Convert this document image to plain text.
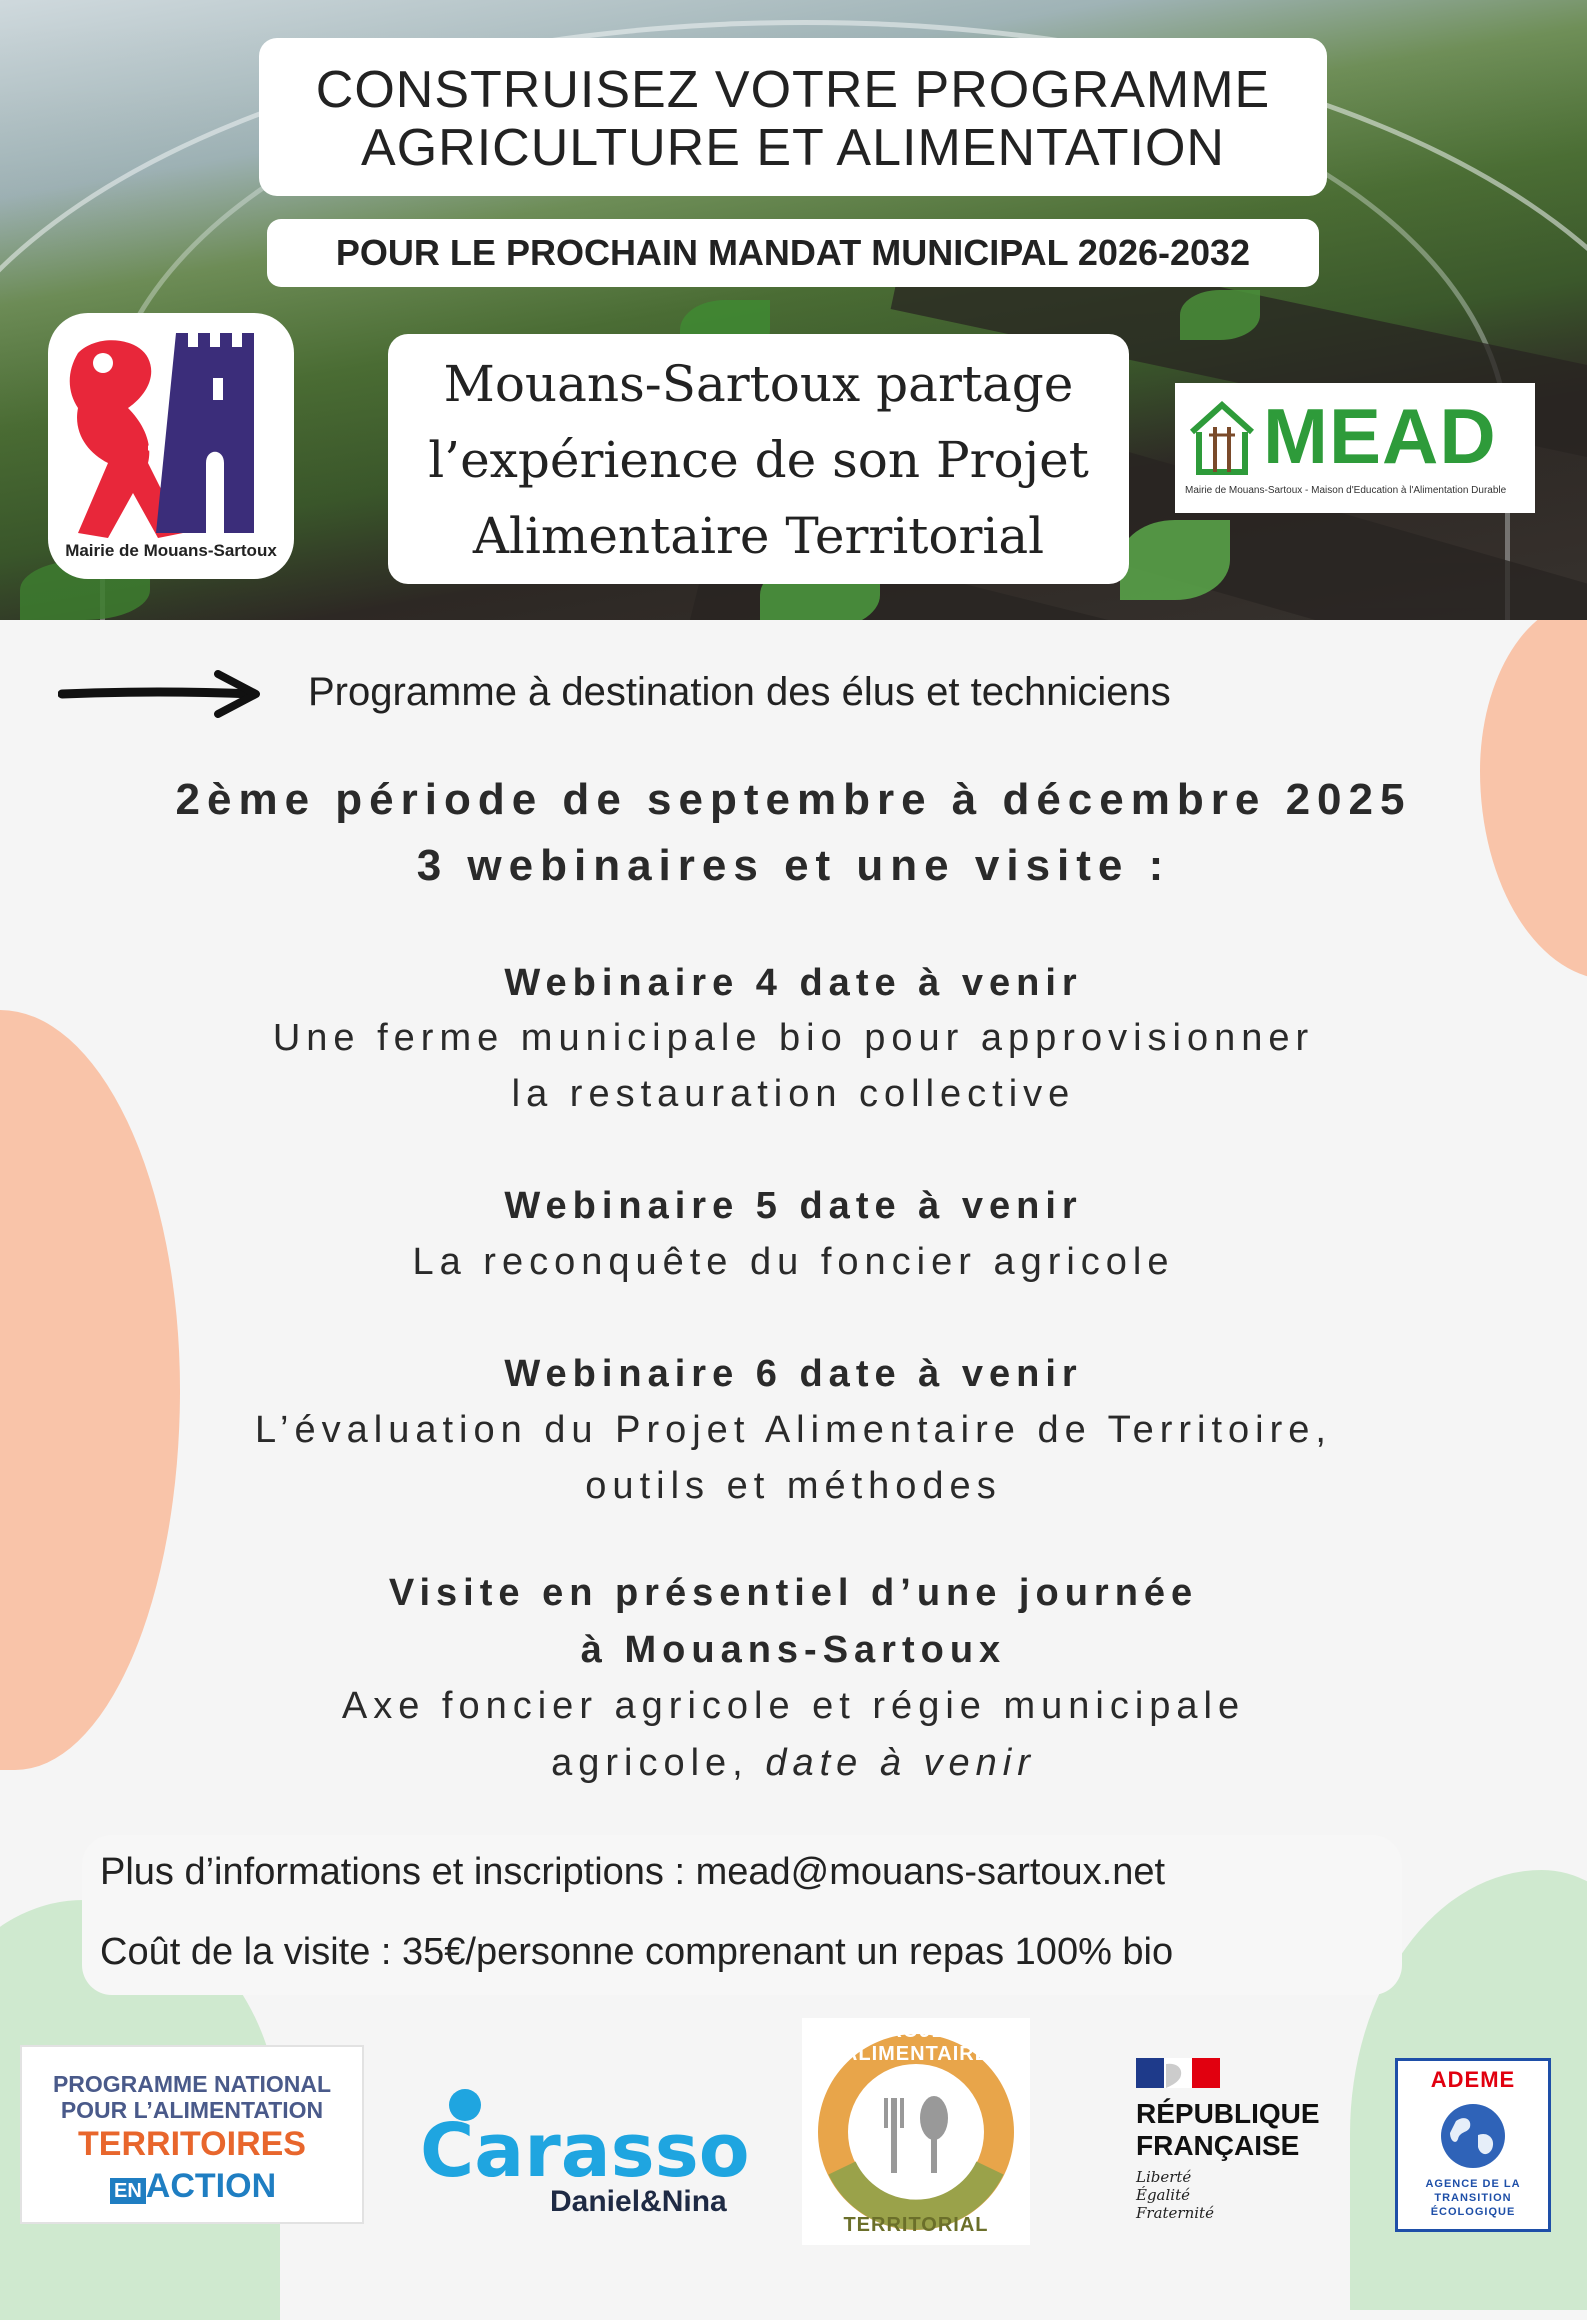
CONSTRUISEZ VOTRE PROGRAMME
AGRICULTURE ET ALIMENTATION
POUR LE PROCHAIN MANDAT MUNICIPAL 2026-2032
Mouans-Sartoux partage
l’expérience de son Projet
Alimentaire Territorial
Mairie de Mouans-Sartoux
MEAD
Mairie de Mouans-Sartoux - Maison d'Education à l'Alimentation Durable
Programme à destination des élus et techniciens
2ème période de septembre à décembre 2025
3 webinaires et une visite :
Webinaire 4 date à venir
Une ferme municipale bio pour approvisionner
la restauration collective
Webinaire 5 date à venir
La reconquête du foncier agricole
Webinaire 6 date à venir
L’évaluation du Projet Alimentaire de Territoire,
outils et méthodes
Visite en présentiel d’une journée
à Mouans-Sartoux
Axe foncier agricole et régie municipale
agricole, date à venir
Plus d’informations et inscriptions : mead@mouans-sartoux.net
Coût de la visite : 35€/personne comprenant un repas 100% bio
PROGRAMME NATIONAL
POUR L’ALIMENTATION
TERRITOIRES
EN ACTION Carasso
Daniel&Nina
PROJET ALIMENTAIRE
TERRITORIAL
RÉPUBLIQUE
FRANÇAISE
Liberté
Égalité
Fraternité
ADEME
AGENCE DE LA
TRANSITION
ÉCOLOGIQUE
